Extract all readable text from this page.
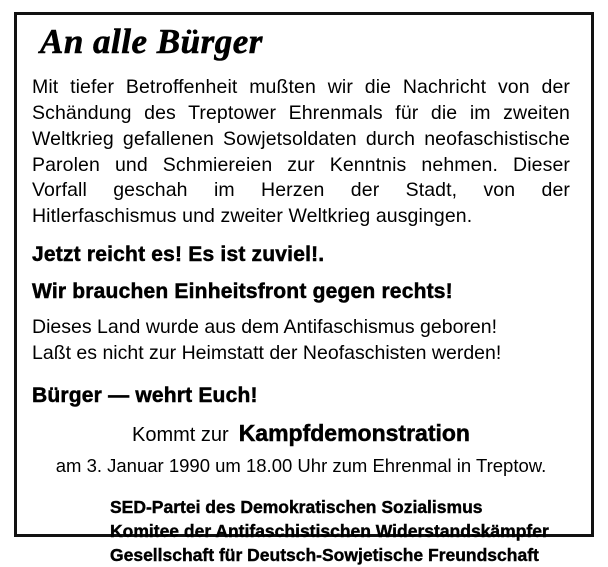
An alle Bürger

Mit tiefer Betroffenheit mußten wir die Nachricht von der Schändung des Treptower Ehrenmals für die im zweiten Weltkrieg gefallenen Sowjetsoldaten durch neofaschistische Parolen und Schmiereien zur Kenntnis nehmen. Dieser Vorfall geschah im Herzen der Stadt, von der Hitlerfaschismus und zweiter Weltkrieg ausgingen.

Jetzt reicht es! Es ist zuviel!.

Wir brauchen Einheitsfront gegen rechts!

Dieses Land wurde aus dem Antifaschismus geboren!
Laßt es nicht zur Heimstatt der Neofaschisten werden!

Bürger — wehrt Euch!

Kommt zur Kampfdemonstration

am 3. Januar 1990 um 18.00 Uhr zum Ehrenmal in Treptow.

SED-Partei des Demokratischen Sozialismus
Komitee der Antifaschistischen Widerstandskämpfer
Gesellschaft für Deutsch-Sowjetische Freundschaft
